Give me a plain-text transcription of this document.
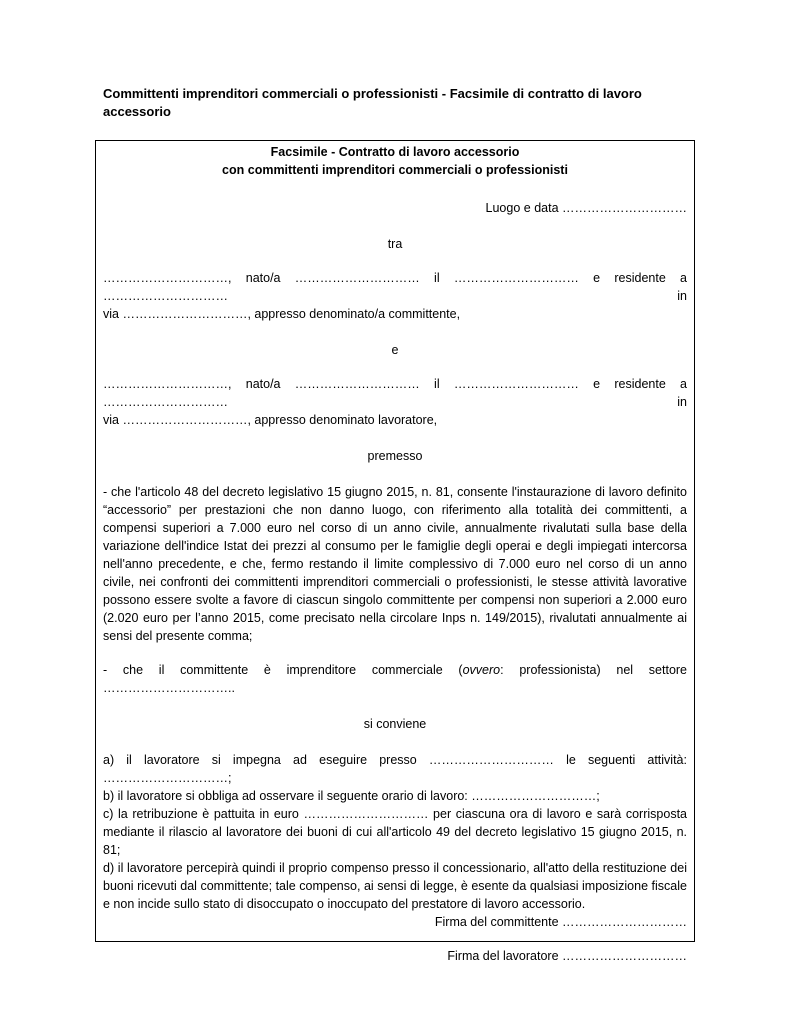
Committenti imprenditori commerciali o professionisti - Facsimile di contratto di lavoro accessorio
Facsimile - Contratto di lavoro accessorio
con committenti imprenditori commerciali o professionisti
Luogo e data …………………………
tra
…………………………, nato/a ………………………… il ………………………… e residente a ………………………… in
via …………………………, appresso denominato/a committente,
e
…………………………, nato/a ………………………… il ………………………… e residente a ………………………… in
via …………………………, appresso denominato lavoratore,
premesso
- che l'articolo 48 del decreto legislativo 15 giugno 2015, n. 81, consente l'instaurazione di lavoro definito “accessorio” per prestazioni che non danno luogo, con riferimento alla totalità dei committenti, a compensi superiori a 7.000 euro nel corso di un anno civile, annualmente rivalutati sulla base della variazione dell'indice Istat dei prezzi al consumo per le famiglie degli operai e degli impiegati intercorsa nell'anno precedente, e che, fermo restando il limite complessivo di 7.000 euro nel corso di un anno civile, nei confronti dei committenti imprenditori commerciali o professionisti, le stesse attività lavorative possono essere svolte a favore di ciascun singolo committente per compensi non superiori a 2.000 euro (2.020 euro per l’anno 2015, come precisato nella circolare Inps n. 149/2015), rivalutati annualmente ai sensi del presente comma;
- che il committente è imprenditore commerciale (ovvero: professionista) nel settore
…………………………..
si conviene
a) il lavoratore si impegna ad eseguire presso ………………………… le seguenti attività:
…………………………;
b) il lavoratore si obbliga ad osservare il seguente orario di lavoro: …………………………;
c) la retribuzione è pattuita in euro ………………………… per ciascuna ora di lavoro e sarà corrisposta mediante il rilascio al lavoratore dei buoni di cui all'articolo 49 del decreto legislativo 15 giugno 2015, n. 81;
d) il lavoratore percepirà quindi il proprio compenso presso il concessionario, all'atto della restituzione dei buoni ricevuti dal committente; tale compenso, ai sensi di legge, è esente da qualsiasi imposizione fiscale e non incide sullo stato di disoccupato o inoccupato del prestatore di lavoro accessorio.
Firma del committente …………………………
Firma del lavoratore …………………………
